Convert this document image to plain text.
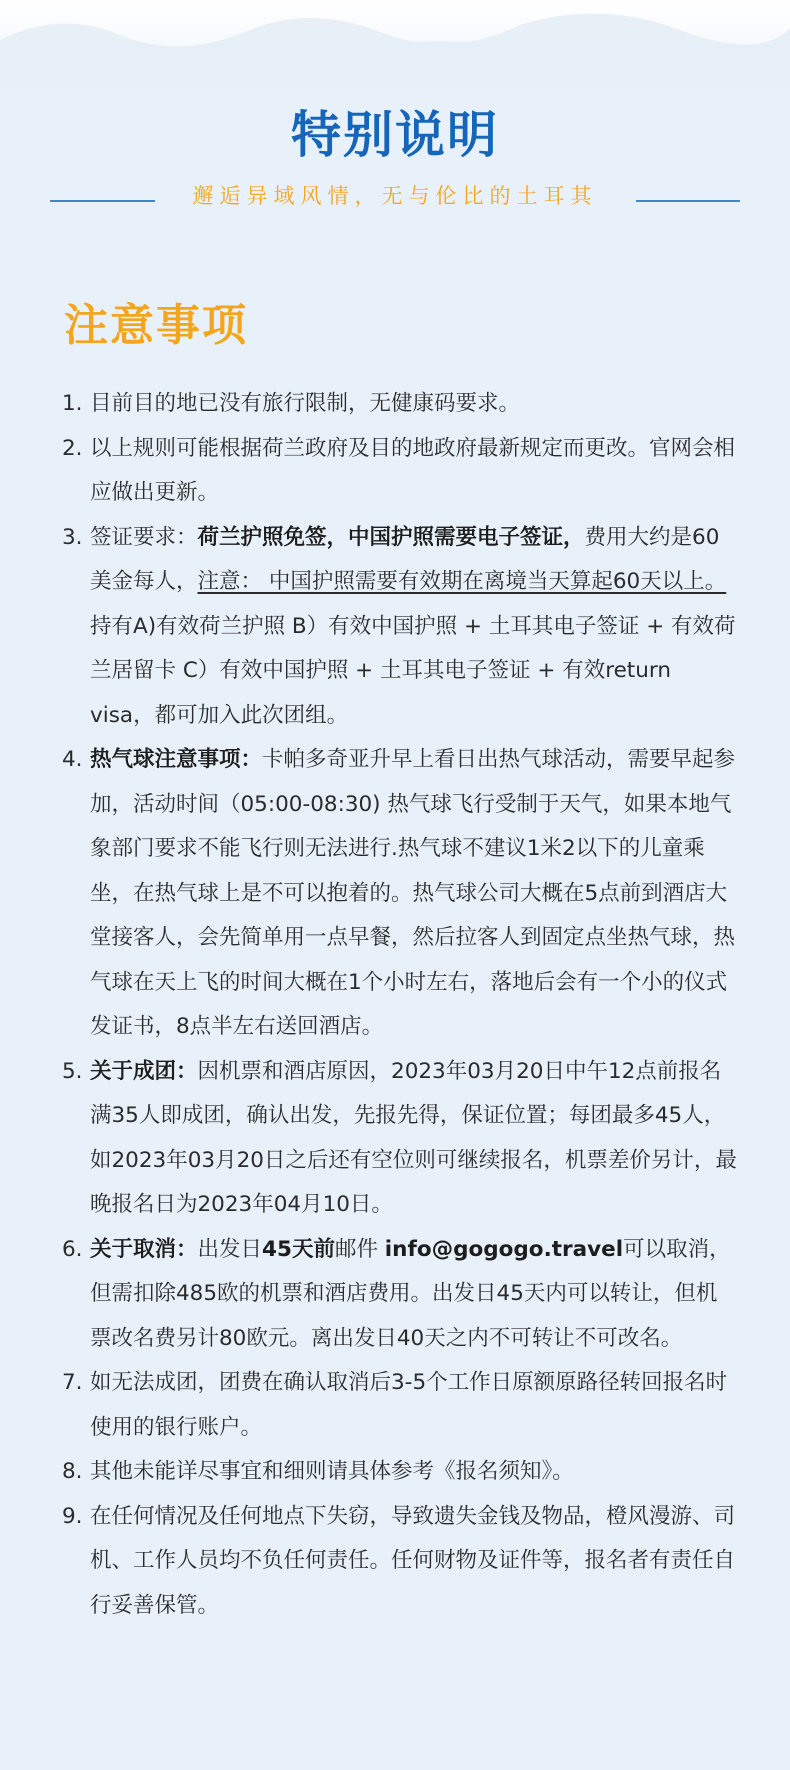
特别说明
邂逅异域风情，无与伦比的土耳其
注意事项
1. 目前目的地已没有旅行限制，无健康码要求。
2. 以上规则可能根据荷兰政府及目的地政府最新规定而更改。官网会相应做出更新。
3. 签证要求：荷兰护照免签，中国护照需要电子签证，费用大约是60美金每人，注意： 中国护照需要有效期在离境当天算起60天以上。持有A)有效荷兰护照 B）有效中国护照 + 土耳其电子签证 + 有效荷兰居留卡 C）有效中国护照 + 土耳其电子签证 + 有效return visa，都可加入此次团组。
4. 热气球注意事项：卡帕多奇亚升早上看日出热气球活动，需要早起参加，活动时间（05:00-08:30) 热气球飞行受制于天气，如果本地气象部门要求不能飞行则无法进行.热气球不建议1米2以下的儿童乘坐，在热气球上是不可以抱着的。热气球公司大概在5点前到酒店大堂接客人，会先简单用一点早餐，然后拉客人到固定点坐热气球，热气球在天上飞的时间大概在1个小时左右，落地后会有一个小的仪式发证书，8点半左右送回酒店。
5. 关于成团：因机票和酒店原因，2023年03月20日中午12点前报名满35人即成团，确认出发，先报先得，保证位置；每团最多45人，如2023年03月20日之后还有空位则可继续报名，机票差价另计，最晚报名日为2023年04月10日。
6. 关于取消：出发日45天前邮件 info@gogogo.travel可以取消，但需扣除485欧的机票和酒店费用。出发日45天内可以转让，但机票改名费另计80欧元。离出发日40天之内不可转让不可改名。
7. 如无法成团，团费在确认取消后3-5个工作日原额原路径转回报名时使用的银行账户。
8. 其他未能详尽事宜和细则请具体参考《报名须知》。
9. 在任何情况及任何地点下失窃，导致遗失金钱及物品，橙风漫游、司机、工作人员均不负任何责任。任何财物及证件等，报名者有责任自行妥善保管。
